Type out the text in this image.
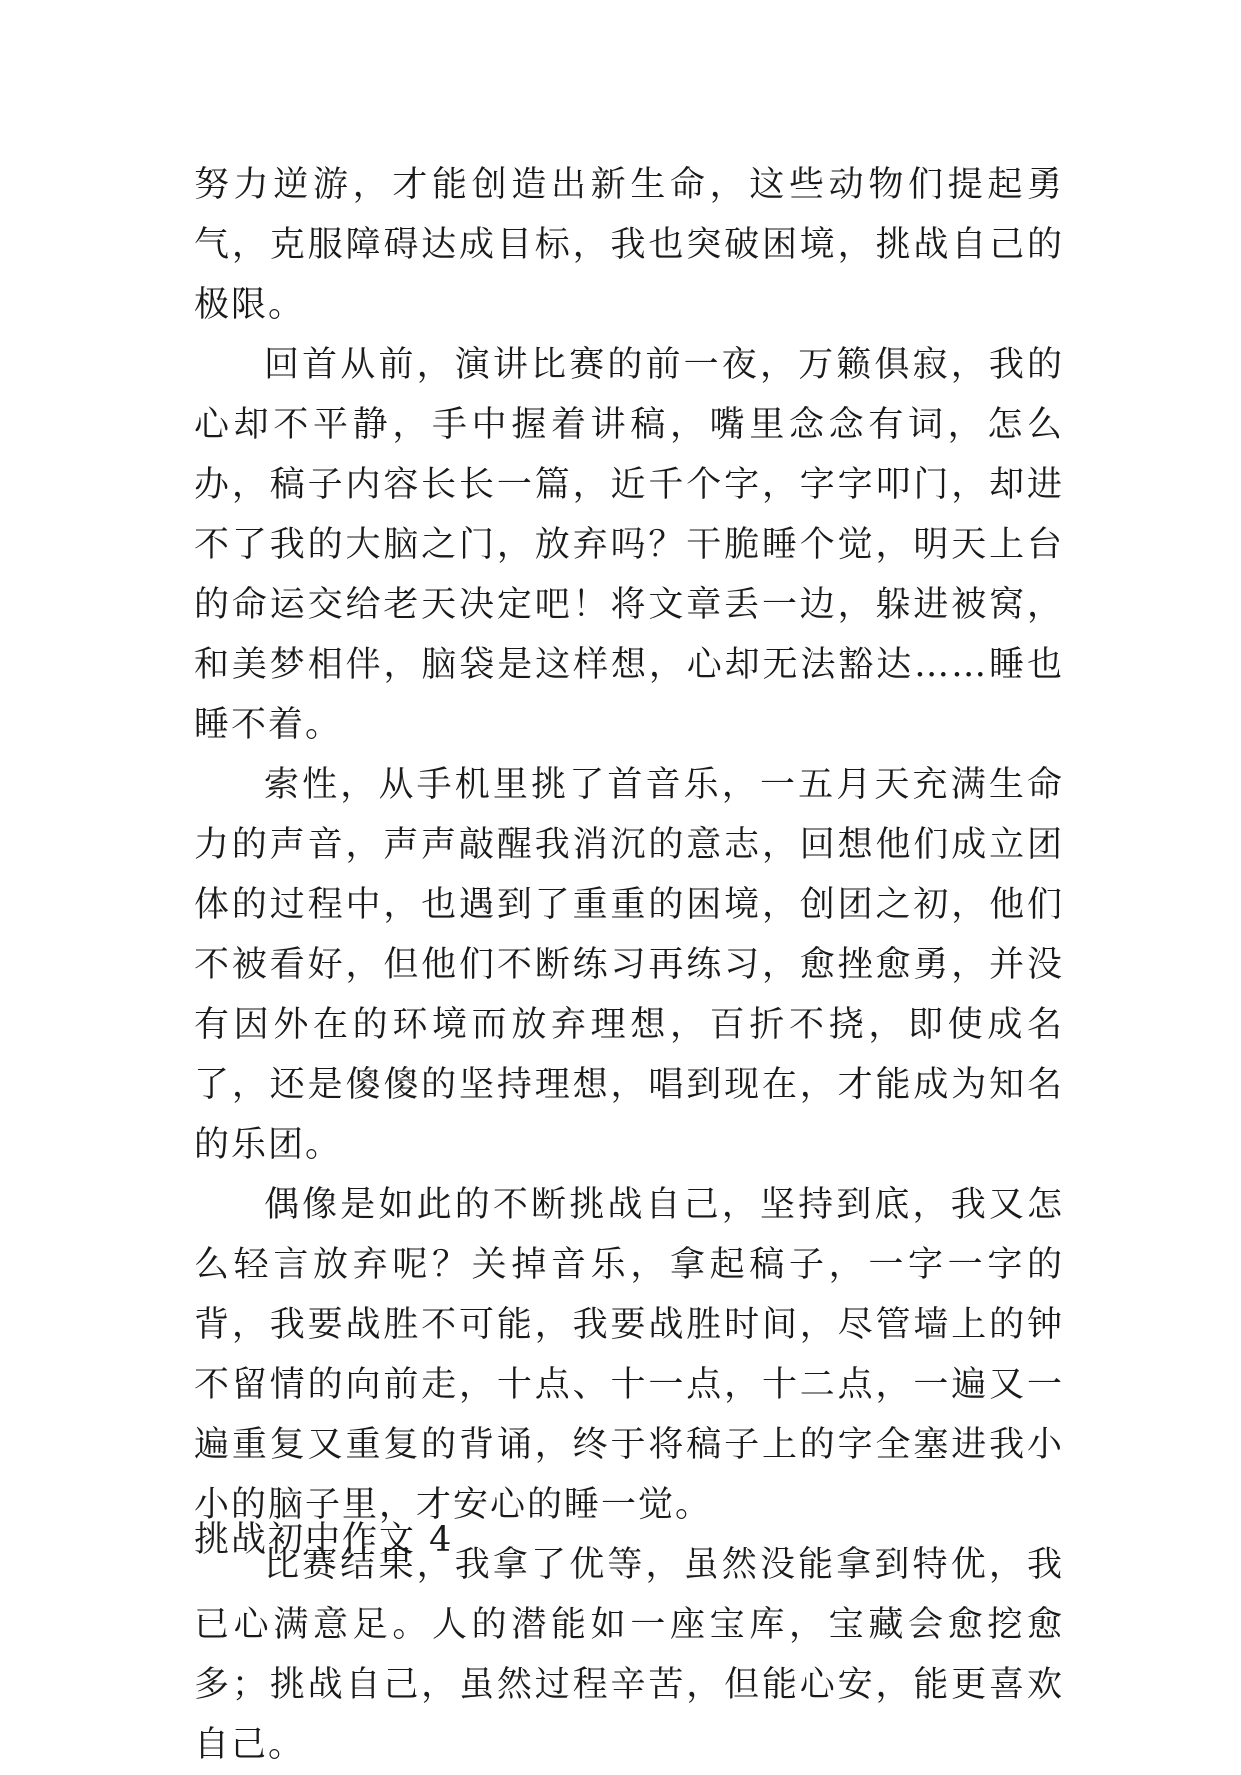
努力逆游，才能创造出新生命，这些动物们提起勇气，克服障碍达成目标，我也突破困境，挑战自己的极限。

回首从前，演讲比赛的前一夜，万籁俱寂，我的心却不平静，手中握着讲稿，嘴里念念有词，怎么办，稿子内容长长一篇，近千个字，字字叩门，却进不了我的大脑之门，放弃吗？干脆睡个觉，明天上台的命运交给老天决定吧！将文章丢一边，躲进被窝，和美梦相伴，脑袋是这样想，心却无法豁达……睡也睡不着。

索性，从手机里挑了首音乐，一五月天充满生命力的声音，声声敲醒我消沉的意志，回想他们成立团体的过程中，也遇到了重重的困境，创团之初，他们不被看好，但他们不断练习再练习，愈挫愈勇，并没有因外在的环境而放弃理想，百折不挠，即使成名了，还是傻傻的坚持理想，唱到现在，才能成为知名的乐团。

偶像是如此的不断挑战自己，坚持到底，我又怎么轻言放弃呢？关掉音乐，拿起稿子，一字一字的背，我要战胜不可能，我要战胜时间，尽管墙上的钟不留情的向前走，十点、十一点，十二点，一遍又一遍重复又重复的背诵，终于将稿子上的字全塞进我小小的脑子里，才安心的睡一觉。

比赛结果，我拿了优等，虽然没能拿到特优，我已心满意足。人的潜能如一座宝库，宝藏会愈挖愈多；挑战自己，虽然过程辛苦，但能心安，能更喜欢自己。

挑战初中作文 4
